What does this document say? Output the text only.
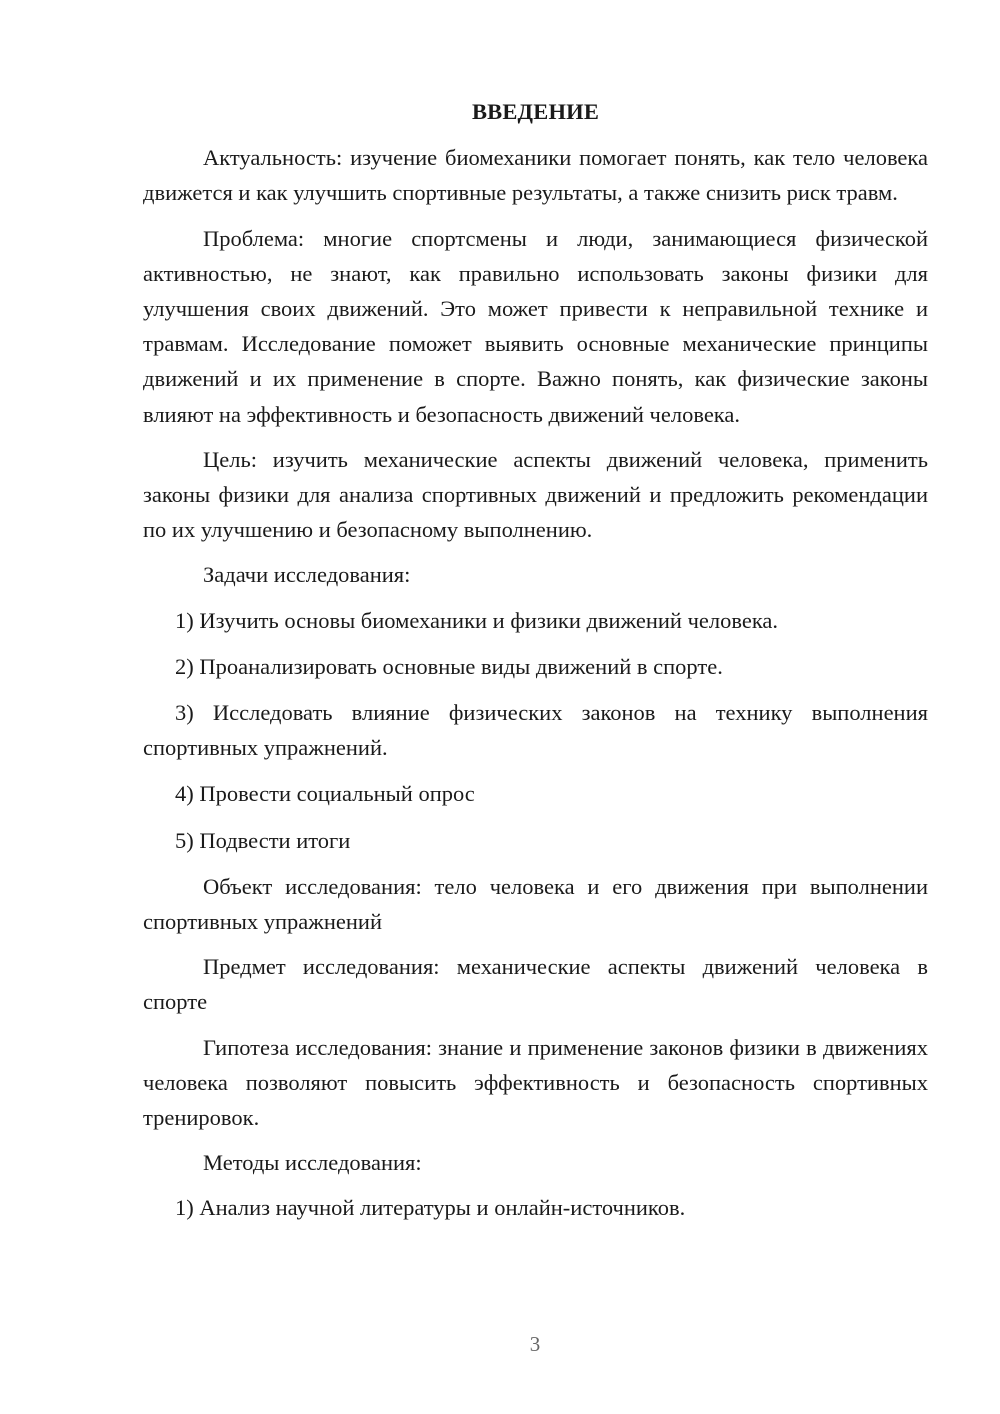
ВВЕДЕНИЕ

Актуальность: изучение биомеханики помогает понять, как тело человека движется и как улучшить спортивные результаты, а также снизить риск травм.

Проблема: многие спортсмены и люди, занимающиеся физической активностью, не знают, как правильно использовать законы физики для улучшения своих движений. Это может привести к неправильной технике и травмам. Исследование поможет выявить основные механические принципы движений и их применение в спорте. Важно понять, как физические законы влияют на эффективность и безопасность движений человека.

Цель: изучить механические аспекты движений человека, применить законы физики для анализа спортивных движений и предложить рекомендации по их улучшению и безопасному выполнению.

Задачи исследования:

1) Изучить основы биомеханики и физики движений человека.

2) Проанализировать основные виды движений в спорте.

3) Исследовать влияние физических законов на технику выполнения спортивных упражнений.

4) Провести социальный опрос

5) Подвести итоги

Объект исследования: тело человека и его движения при выполнении спортивных упражнений

Предмет исследования: механические аспекты движений человека в спорте

Гипотеза исследования: знание и применение законов физики в движениях человека позволяют повысить эффективность и безопасность спортивных тренировок.

Методы исследования:

1) Анализ научной литературы и онлайн-источников.

3
